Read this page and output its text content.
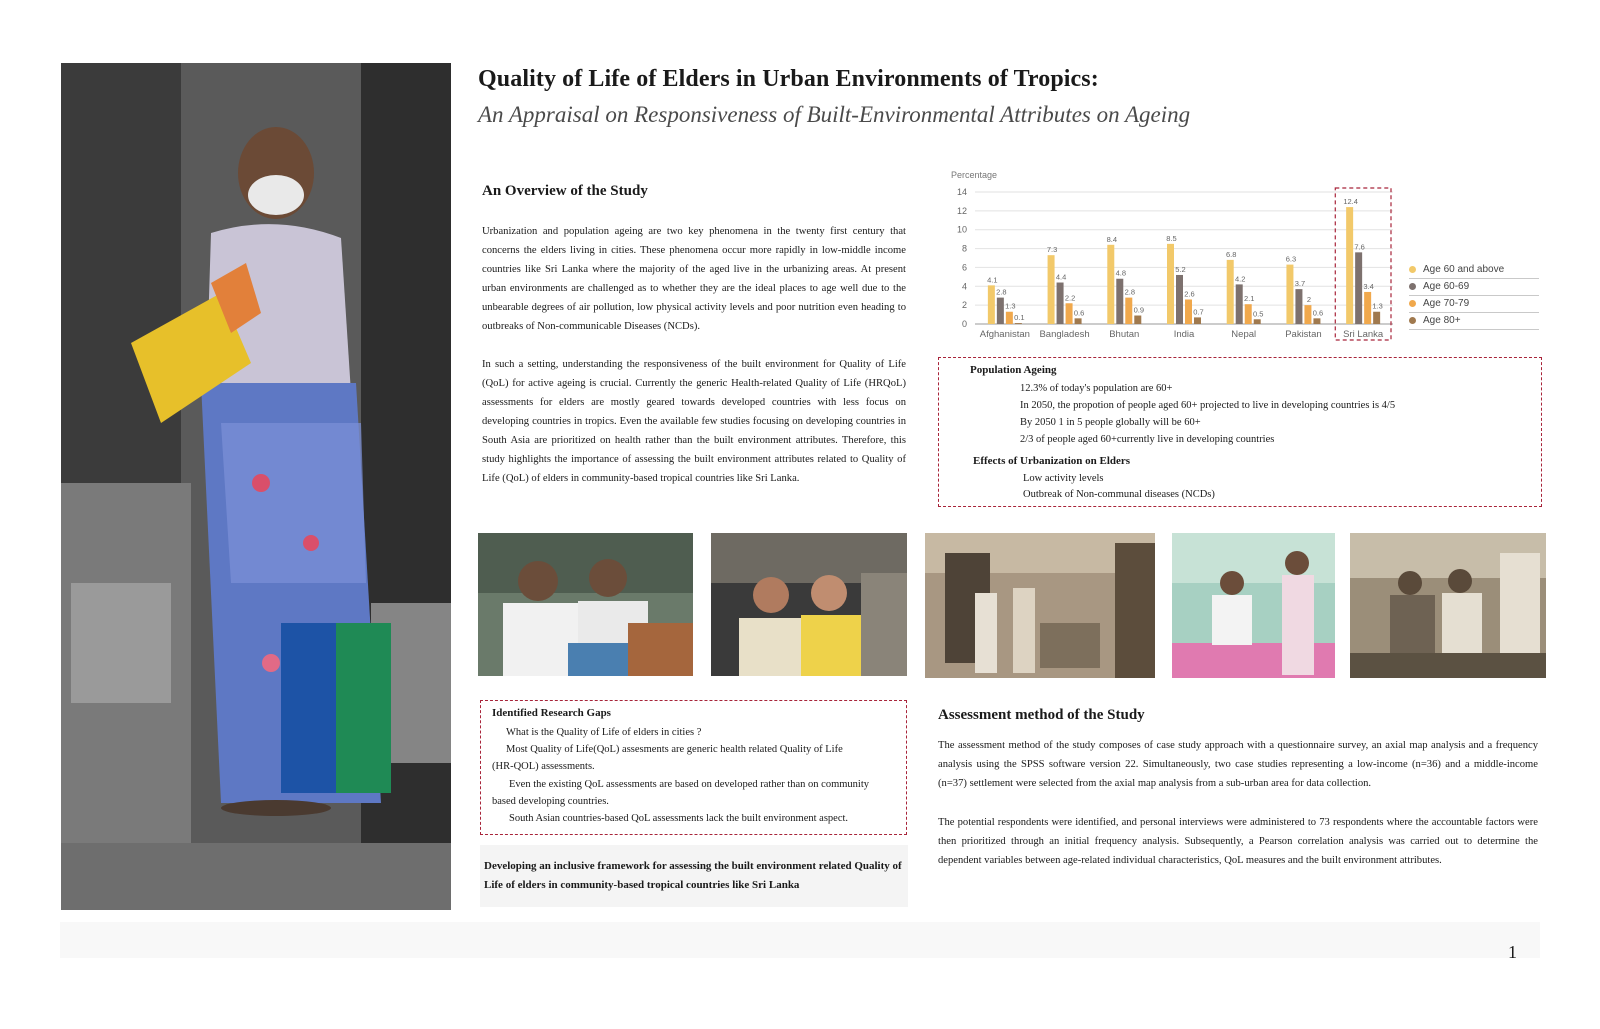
Quality of Life of Elders in Urban Environments of Tropics:

An Appraisal on Responsiveness of Built-Environmental Attributes on Ageing

An Overview of the Study

Urbanization and population ageing are two key phenomena in the twenty first century that concerns the elders living in cities. These phenomena occur more rapidly in low-middle income countries like Sri Lanka where the majority of the aged live in the urbanizing areas. At present urban environments are challenged as to whether they are the ideal places to age well due to the unbearable degrees of air pollution, low physical activity levels and poor nutrition even heading to outbreaks of Non-communicable Diseases (NCDs).

In such a setting, understanding the responsiveness of the built environment for Quality of Life (QoL) for active ageing is crucial. Currently the generic Health-related Quality of Life (HRQoL) assessments for elders are mostly geared towards developed countries with less focus on developing countries in tropics. Even the available few studies focusing on developing countries in South Asia are prioritized on health rather than the built environment attributes. Therefore, this study highlights the importance of assessing the built environment attributes related to Quality of Life (QoL) of elders in community-based tropical countries like Sri Lanka.

Percentage
0
2
4
6
8
10
12
14
4.1
2.8
1.3
0.1
Afghanistan
7.3
4.4
2.2
0.6
Bangladesh
8.4
4.8
2.8
0.9
Bhutan
8.5
5.2
2.6
0.7
India
6.8
4.2
2.1
0.5
Nepal
6.3
3.7
2
0.6
Pakistan
12.4
7.6
3.4
1.3
Sri Lanka
Age 60 and above
Age 60-69
Age 70-79
Age 80+

Population Ageing

12.3% of today's population are 60+

In 2050, the propotion of people aged 60+ projected to live in developing countries is 4/5

By 2050 1 in 5 people globally will be 60+

2/3 of people aged 60+currently live in developing countries

Effects of Urbanization on Elders

Low activity levels

Outbreak of Non-communal diseases (NCDs)

Identified Research Gaps

What is the Quality of Life of elders in cities ?

Most Quality of Life(QoL) assesments are generic health related Quality of Life

(HR-QOL) assessments.

Even the existing QoL assessments are based on developed rather than on community

based developing countries.

South Asian countries-based QoL assessments lack the built environment aspect.

Developing an inclusive framework for assessing the built environment related Quality of Life of elders in community-based tropical countries like Sri Lanka

Assessment method of the Study

The assessment method of the study composes of case study approach with a questionnaire survey, an axial map analysis and a frequency analysis using the SPSS software version 22. Simultaneously, two case studies representing a low-income (n=36) and a middle-income (n=37) settlement were selected from the axial map analysis from a sub-urban area for data collection.

The potential respondents were identified, and personal interviews were administered to 73 respondents where the accountable factors were then prioritized through an initial frequency analysis. Subsequently, a Pearson correlation analysis was carried out to determine the dependent variables between age-related individual characteristics, QoL measures and the built environment attributes.

1
